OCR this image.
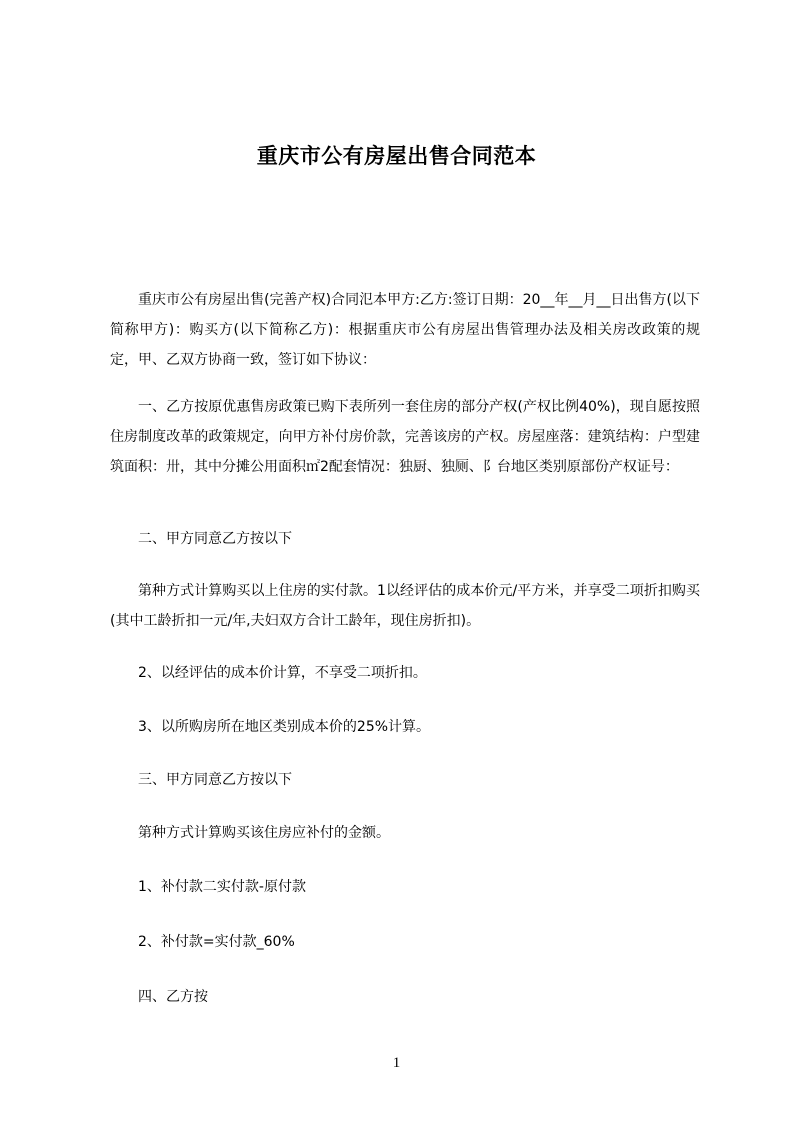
重庆市公有房屋出售合同范本
重庆市公有房屋出售(完善产权)合同氾本甲方:乙方:签订日期：20__年__月__日出售方(以下简称甲方)：购买方(以下简称乙方)：根据重庆市公有房屋出售管理办法及相关房改政策的规定，甲、乙双方协商一致，签订如下协议：
一、乙方按原优惠售房政策已购下表所列一套住房的部分产权(产权比例40%)，现自愿按照住房制度改革的政策规定，向甲方补付房价款，完善该房的产权。房屋座落：建筑结构：户型建筑面积：卅，其中分摊公用面积㎡2配套情况：独厨、独厕、阝台地区类别原部份产权证号：
二、甲方同意乙方按以下
第种方式计算购买以上住房的实付款。1以经评估的成本价元/平方米，并享受二项折扣购买(其中工龄折扣一元/年,夫妇双方合计工龄年，现住房折扣)。
2、以经评估的成本价计算，不享受二项折扣。
3、以所购房所在地区类别成本价的25%计算。
三、甲方同意乙方按以下
第种方式计算购买该住房应补付的金额。
1、补付款二实付款-原付款
2、补付款=实付款_60%
四、乙方按
1
